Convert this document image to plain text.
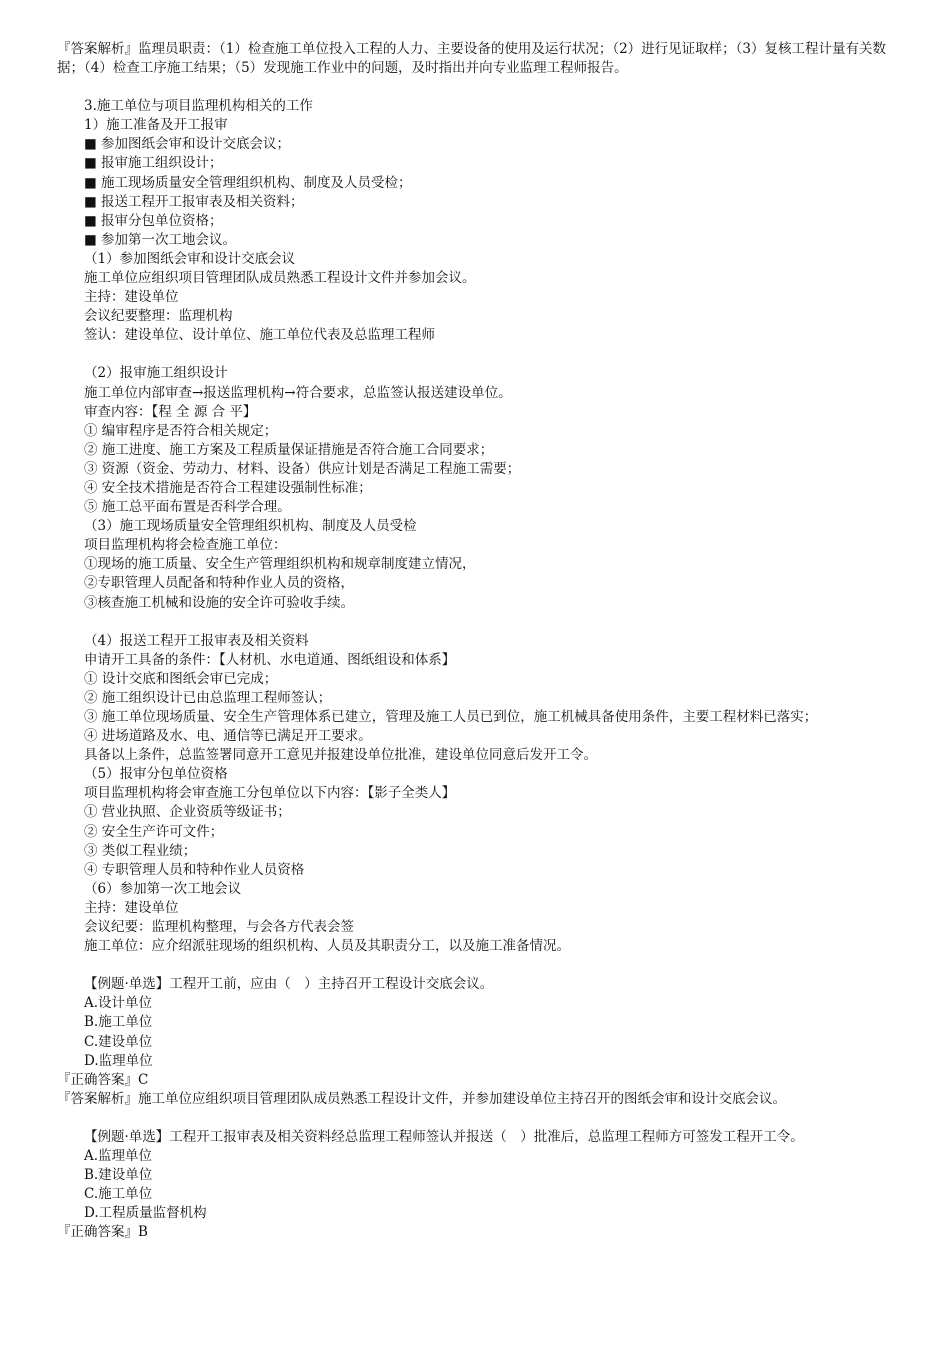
『答案解析』监理员职责：（1）检查施工单位投入工程的人力、主要设备的使用及运行状况；（2）进行见证取样；（3）复核工程计量有关数据；（4）检查工序施工结果；（5）发现施工作业中的问题，及时指出并向专业监理工程师报告。

3.施工单位与项目监理机构相关的工作

1）施工准备及开工报审

■ 参加图纸会审和设计交底会议；

■ 报审施工组织设计；

■ 施工现场质量安全管理组织机构、制度及人员受检；

■ 报送工程开工报审表及相关资料；

■ 报审分包单位资格；

■ 参加第一次工地会议。

（1）参加图纸会审和设计交底会议

施工单位应组织项目管理团队成员熟悉工程设计文件并参加会议。

主持：建设单位

会议纪要整理：监理机构

签认：建设单位、设计单位、施工单位代表及总监理工程师

（2）报审施工组织设计

施工单位内部审查→报送监理机构→符合要求，总监签认报送建设单位。

审查内容：【程 全 源 合 平】

① 编审程序是否符合相关规定；

② 施工进度、施工方案及工程质量保证措施是否符合施工合同要求；

③ 资源（资金、劳动力、材料、设备）供应计划是否满足工程施工需要；

④ 安全技术措施是否符合工程建设强制性标准；

⑤ 施工总平面布置是否科学合理。

（3）施工现场质量安全管理组织机构、制度及人员受检

项目监理机构将会检查施工单位：

①现场的施工质量、安全生产管理组织机构和规章制度建立情况，

②专职管理人员配备和特种作业人员的资格，

③核查施工机械和设施的安全许可验收手续。

（4）报送工程开工报审表及相关资料

申请开工具备的条件：【人材机、水电道通、图纸组设和体系】

① 设计交底和图纸会审已完成；

② 施工组织设计已由总监理工程师签认；

③ 施工单位现场质量、安全生产管理体系已建立，管理及施工人员已到位，施工机械具备使用条件，主要工程材料已落实；

④ 进场道路及水、电、通信等已满足开工要求。

具备以上条件，总监签署同意开工意见并报建设单位批准，建设单位同意后发开工令。

（5）报审分包单位资格

项目监理机构将会审查施工分包单位以下内容：【影子全类人】

① 营业执照、企业资质等级证书；

② 安全生产许可文件；

③ 类似工程业绩；

④ 专职管理人员和特种作业人员资格

（6）参加第一次工地会议

主持：建设单位

会议纪要：监理机构整理，与会各方代表会签

施工单位：应介绍派驻现场的组织机构、人员及其职责分工，以及施工准备情况。

【例题·单选】工程开工前，应由（　）主持召开工程设计交底会议。

A.设计单位

B.施工单位

C.建设单位

D.监理单位

『正确答案』C

『答案解析』施工单位应组织项目管理团队成员熟悉工程设计文件，并参加建设单位主持召开的图纸会审和设计交底会议。

【例题·单选】工程开工报审表及相关资料经总监理工程师签认并报送（　）批准后，总监理工程师方可签发工程开工令。

A.监理单位

B.建设单位

C.施工单位

D.工程质量监督机构

『正确答案』B
